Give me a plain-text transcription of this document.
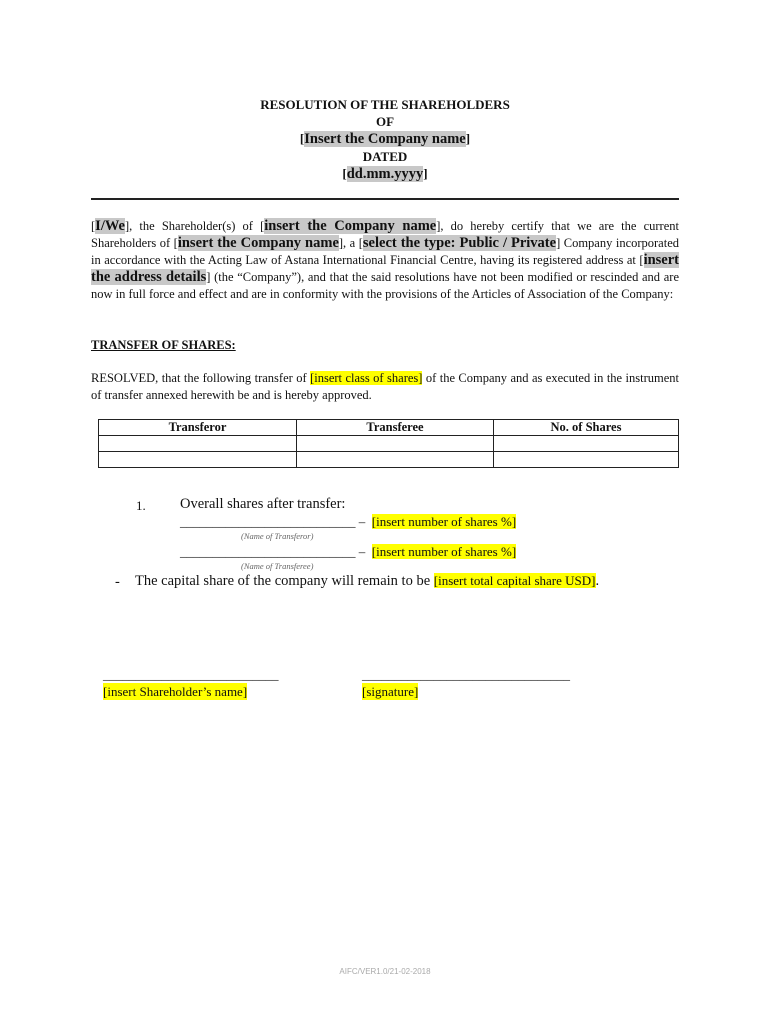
RESOLUTION OF THE SHAREHOLDERS
OF
[Insert the Company name]
DATED
[dd.mm.yyyy]
[I/We], the Shareholder(s) of [insert the Company name], do hereby certify that we are the current Shareholders of [insert the Company name], a [select the type: Public / Private] Company incorporated in accordance with the Acting Law of Astana International Financial Centre, having its registered address at [insert the address details] (the “Company”), and that the said resolutions have not been modified or rescinded and are now in full force and effect and are in conformity with the provisions of the Articles of Association of the Company:
TRANSFER OF SHARES:
RESOLVED, that the following transfer of [insert class of shares] of the Company and as executed in the instrument of transfer annexed herewith be and is hereby approved.
Transferor	Transferee	No. of Shares

1. Overall shares after transfer:
___________________________ – [insert number of shares %]
(Name of Transferor)
___________________________ – [insert number of shares %]
(Name of Transferee)
- The capital share of the company will remain to be [insert total capital share USD].
___________________________
[insert Shareholder’s name]
________________________________
[signature]
AIFC/VER1.0/21-02-2018
